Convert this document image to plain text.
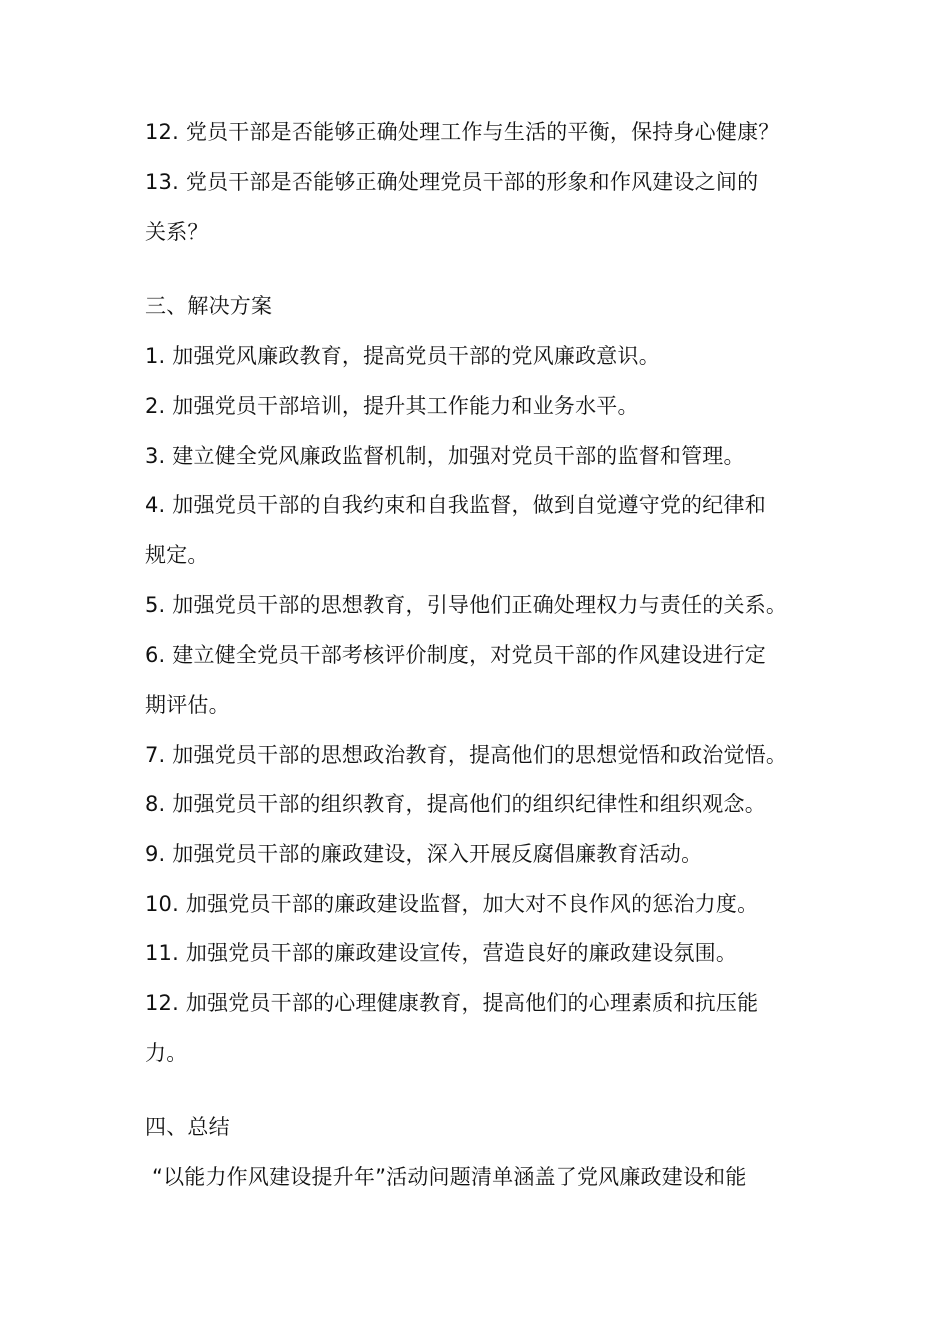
12. 党员干部是否能够正确处理工作与生活的平衡，保持身心健康？
13. 党员干部是否能够正确处理党员干部的形象和作风建设之间的
关系？
三、解决方案
1. 加强党风廉政教育，提高党员干部的党风廉政意识。
2. 加强党员干部培训，提升其工作能力和业务水平。
3. 建立健全党风廉政监督机制，加强对党员干部的监督和管理。
4. 加强党员干部的自我约束和自我监督，做到自觉遵守党的纪律和
规定。
5. 加强党员干部的思想教育，引导他们正确处理权力与责任的关系。
6. 建立健全党员干部考核评价制度，对党员干部的作风建设进行定
期评估。
7. 加强党员干部的思想政治教育，提高他们的思想觉悟和政治觉悟。
8. 加强党员干部的组织教育，提高他们的组织纪律性和组织观念。
9. 加强党员干部的廉政建设，深入开展反腐倡廉教育活动。
10. 加强党员干部的廉政建设监督，加大对不良作风的惩治力度。
11. 加强党员干部的廉政建设宣传，营造良好的廉政建设氛围。
12. 加强党员干部的心理健康教育，提高他们的心理素质和抗压能
力。
四、总结
“以能力作风建设提升年”活动问题清单涵盖了党风廉政建设和能
